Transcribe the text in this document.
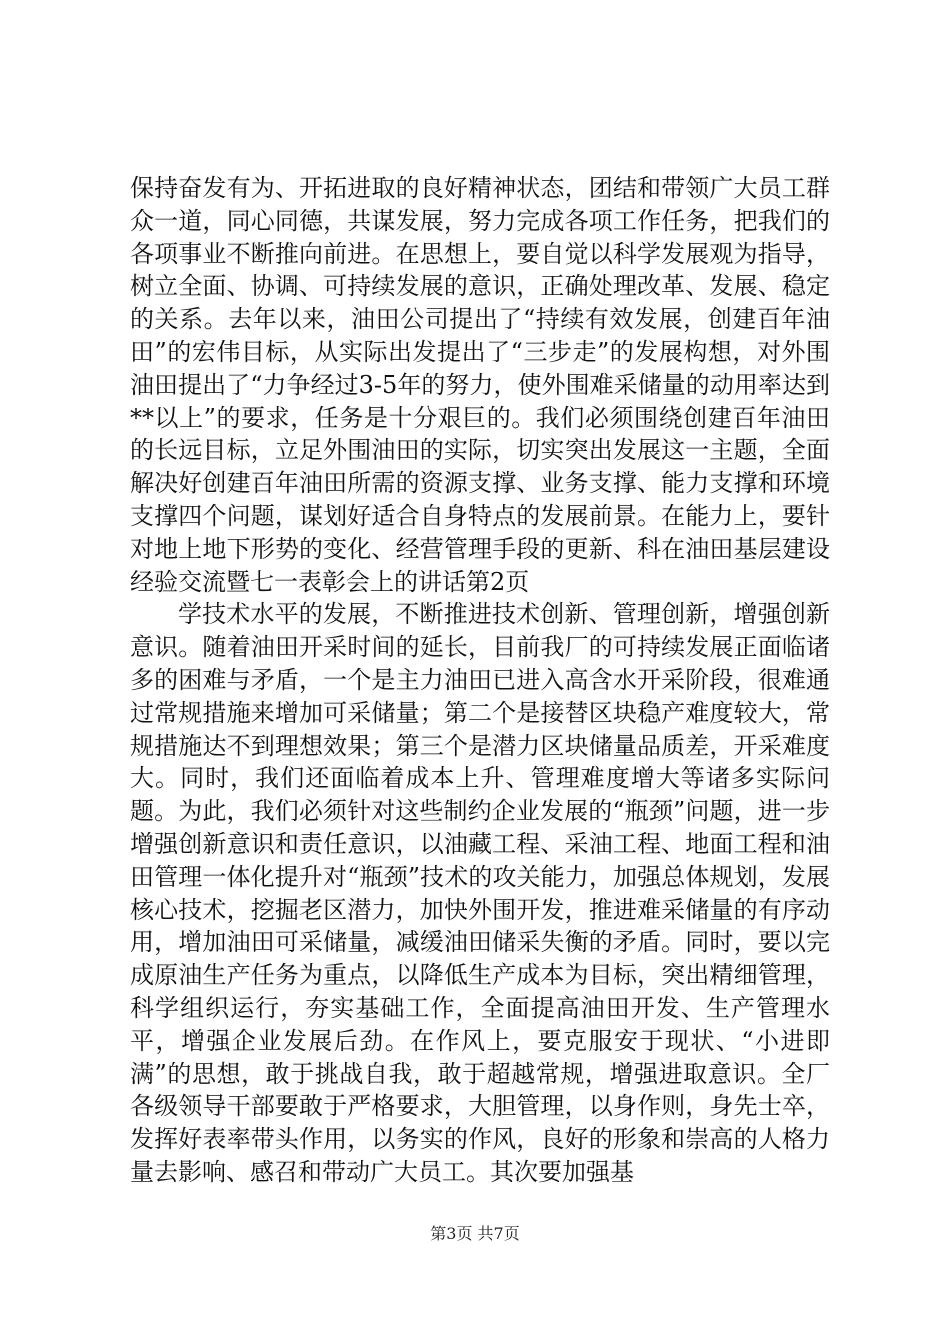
保持奋发有为、开拓进取的良好精神状态，团结和带领广大员工群众一道，同心同德，共谋发展，努力完成各项工作任务，把我们的各项事业不断推向前进。在思想上，要自觉以科学发展观为指导，树立全面、协调、可持续发展的意识，正确处理改革、发展、稳定的关系。去年以来，油田公司提出了“持续有效发展，创建百年油田”的宏伟目标，从实际出发提出了“三步走”的发展构想，对外围油田提出了“力争经过3-5年的努力，使外围难采储量的动用率达到**以上”的要求，任务是十分艰巨的。我们必须围绕创建百年油田的长远目标，立足外围油田的实际，切实突出发展这一主题，全面解决好创建百年油田所需的资源支撑、业务支撑、能力支撑和环境支撑四个问题，谋划好适合自身特点的发展前景。在能力上，要针对地上地下形势的变化、经营管理手段的更新、科在油田基层建设经验交流暨七一表彰会上的讲话第2页

学技术水平的发展，不断推进技术创新、管理创新，增强创新意识。随着油田开采时间的延长，目前我厂的可持续发展正面临诸多的困难与矛盾，一个是主力油田已进入高含水开采阶段，很难通过常规措施来增加可采储量；第二个是接替区块稳产难度较大，常规措施达不到理想效果；第三个是潜力区块储量品质差，开采难度大。同时，我们还面临着成本上升、管理难度增大等诸多实际问题。为此，我们必须针对这些制约企业发展的“瓶颈”问题，进一步增强创新意识和责任意识，以油藏工程、采油工程、地面工程和油田管理一体化提升对“瓶颈”技术的攻关能力，加强总体规划，发展核心技术，挖掘老区潜力，加快外围开发，推进难采储量的有序动用，增加油田可采储量，减缓油田储采失衡的矛盾。同时，要以完成原油生产任务为重点，以降低生产成本为目标，突出精细管理，科学组织运行，夯实基础工作，全面提高油田开发、生产管理水平，增强企业发展后劲。在作风上，要克服安于现状、“小进即满”的思想，敢于挑战自我，敢于超越常规，增强进取意识。全厂各级领导干部要敢于严格要求，大胆管理，以身作则，身先士卒，发挥好表率带头作用，以务实的作风，良好的形象和崇高的人格力量去影响、感召和带动广大员工。其次要加强基

第3页 共7页
